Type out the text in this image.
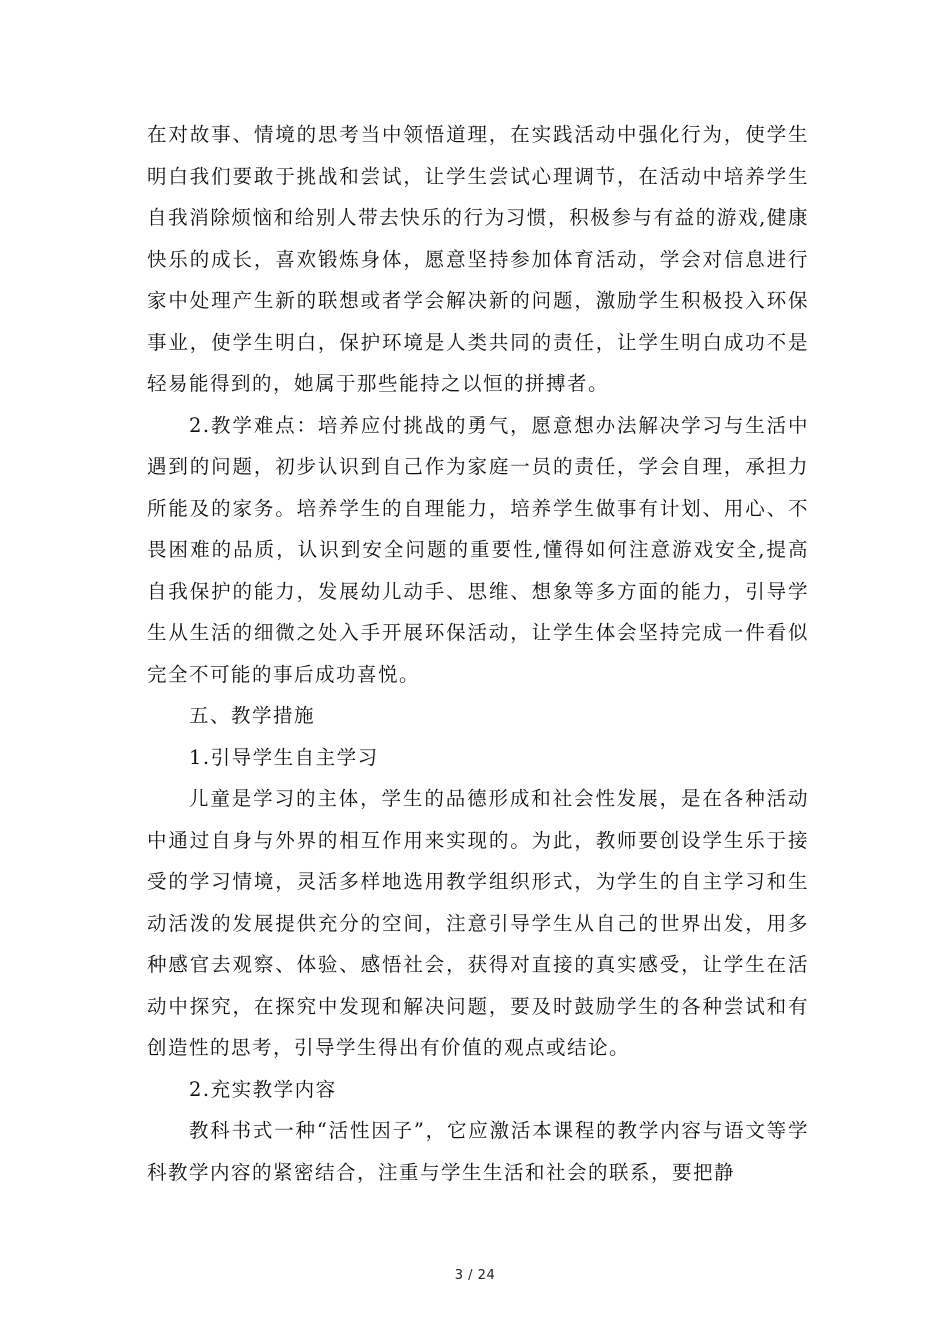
在对故事、情境的思考当中领悟道理，在实践活动中强化行为，使学生明白我们要敢于挑战和尝试，让学生尝试心理调节，在活动中培养学生自我消除烦恼和给别人带去快乐的行为习惯，积极参与有益的游戏,健康快乐的成长，喜欢锻炼身体，愿意坚持参加体育活动，学会对信息进行家中处理产生新的联想或者学会解决新的问题，激励学生积极投入环保事业，使学生明白，保护环境是人类共同的责任，让学生明白成功不是轻易能得到的，她属于那些能持之以恒的拼搏者。

2.教学难点：培养应付挑战的勇气，愿意想办法解决学习与生活中遇到的问题，初步认识到自己作为家庭一员的责任，学会自理，承担力所能及的家务。培养学生的自理能力，培养学生做事有计划、用心、不畏困难的品质，认识到安全问题的重要性,懂得如何注意游戏安全,提高自我保护的能力，发展幼儿动手、思维、想象等多方面的能力，引导学生从生活的细微之处入手开展环保活动，让学生体会坚持完成一件看似完全不可能的事后成功喜悦。

五、教学措施

1.引导学生自主学习

儿童是学习的主体，学生的品德形成和社会性发展，是在各种活动中通过自身与外界的相互作用来实现的。为此，教师要创设学生乐于接受的学习情境，灵活多样地选用教学组织形式，为学生的自主学习和生动活泼的发展提供充分的空间，注意引导学生从自己的世界出发，用多种感官去观察、体验、感悟社会，获得对直接的真实感受，让学生在活动中探究，在探究中发现和解决问题，要及时鼓励学生的各种尝试和有创造性的思考，引导学生得出有价值的观点或结论。

2.充实教学内容

教科书式一种“活性因子”，它应激活本课程的教学内容与语文等学科教学内容的紧密结合，注重与学生生活和社会的联系，要把静

3 / 24
